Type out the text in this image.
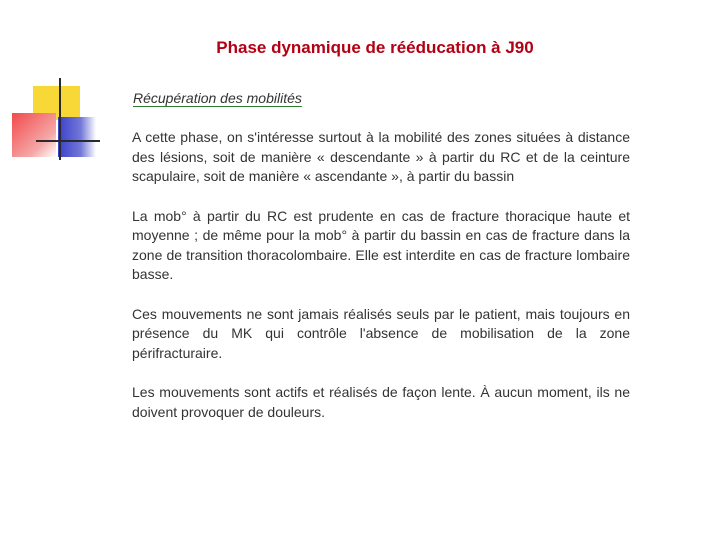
Phase dynamique de rééducation à J90
Récupération des mobilités

A cette phase, on s'intéresse surtout à la mobilité des zones situées à distance des lésions, soit de manière « descendante » à partir du RC et de la ceinture scapulaire, soit de manière « ascendante », à partir du bassin

La mob° à partir du RC est prudente en cas de fracture thoracique haute et moyenne ; de même pour la mob° à partir du bassin en cas de fracture dans la zone de transition thoracolombaire. Elle est interdite en cas de fracture lombaire basse.

Ces mouvements ne sont jamais réalisés seuls par le patient, mais toujours en présence du MK qui contrôle l'absence de mobilisation de la zone périfracturaire.

Les mouvements sont actifs et réalisés de façon lente. À aucun moment, ils ne doivent provoquer de douleurs.
